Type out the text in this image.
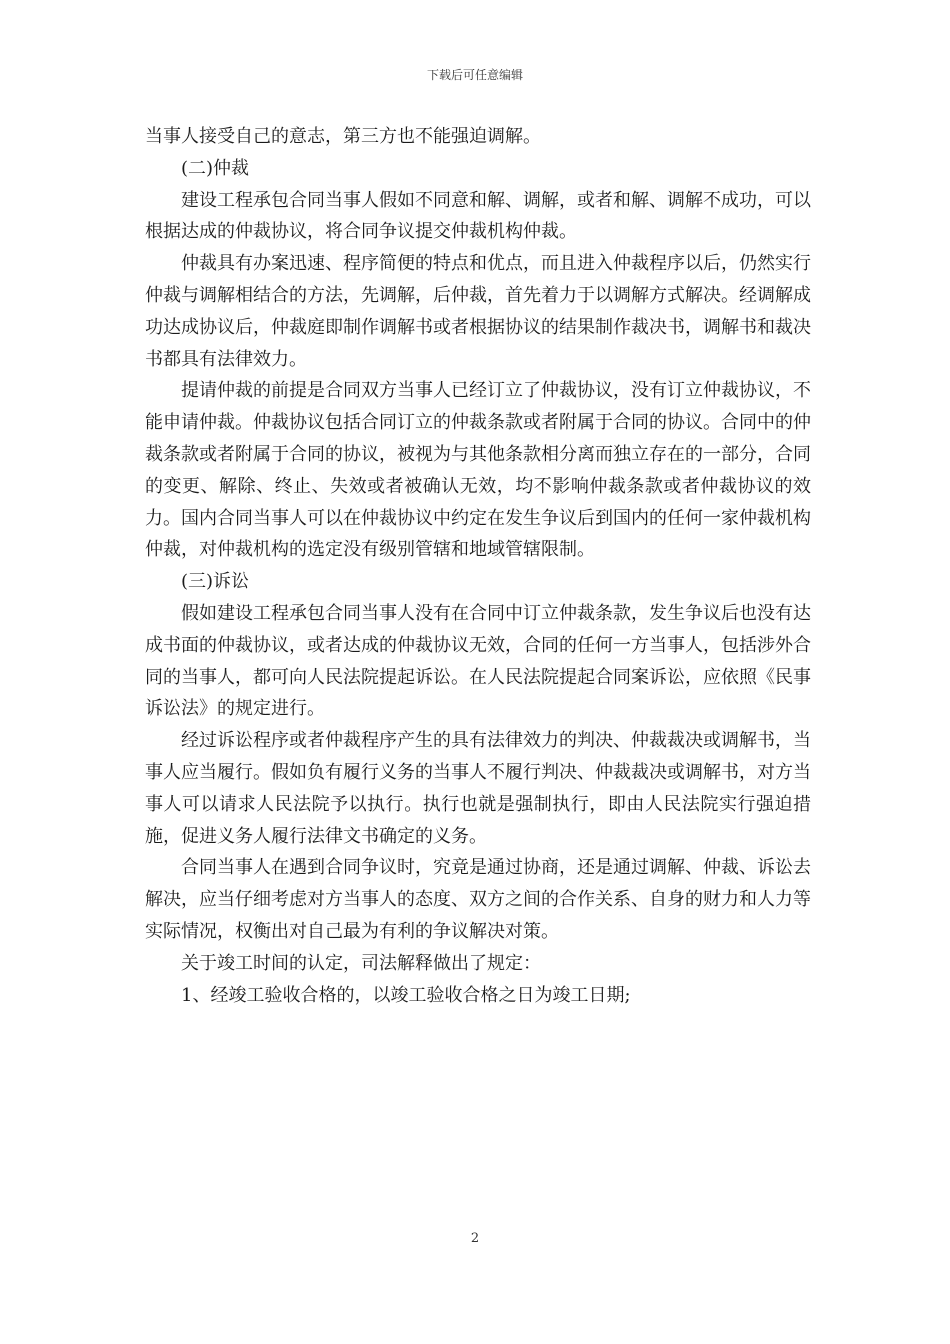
下载后可任意编辑

当事人接受自己的意志，第三方也不能强迫调解。

(二)仲裁

建设工程承包合同当事人假如不同意和解、调解，或者和解、调解不成功，可以根据达成的仲裁协议，将合同争议提交仲裁机构仲裁。

仲裁具有办案迅速、程序简便的特点和优点，而且进入仲裁程序以后，仍然实行仲裁与调解相结合的方法，先调解，后仲裁，首先着力于以调解方式解决。经调解成功达成协议后，仲裁庭即制作调解书或者根据协议的结果制作裁决书，调解书和裁决书都具有法律效力。

提请仲裁的前提是合同双方当事人已经订立了仲裁协议，没有订立仲裁协议，不能申请仲裁。仲裁协议包括合同订立的仲裁条款或者附属于合同的协议。合同中的仲裁条款或者附属于合同的协议，被视为与其他条款相分离而独立存在的一部分，合同的变更、解除、终止、失效或者被确认无效，均不影响仲裁条款或者仲裁协议的效力。国内合同当事人可以在仲裁协议中约定在发生争议后到国内的任何一家仲裁机构仲裁，对仲裁机构的选定没有级别管辖和地域管辖限制。

(三)诉讼

假如建设工程承包合同当事人没有在合同中订立仲裁条款，发生争议后也没有达成书面的仲裁协议，或者达成的仲裁协议无效，合同的任何一方当事人，包括涉外合同的当事人，都可向人民法院提起诉讼。在人民法院提起合同案诉讼，应依照《民事诉讼法》的规定进行。

经过诉讼程序或者仲裁程序产生的具有法律效力的判决、仲裁裁决或调解书，当事人应当履行。假如负有履行义务的当事人不履行判决、仲裁裁决或调解书，对方当事人可以请求人民法院予以执行。执行也就是强制执行，即由人民法院实行强迫措施，促进义务人履行法律文书确定的义务。

合同当事人在遇到合同争议时，究竟是通过协商，还是通过调解、仲裁、诉讼去解决，应当仔细考虑对方当事人的态度、双方之间的合作关系、自身的财力和人力等实际情况，权衡出对自己最为有利的争议解决对策。

关于竣工时间的认定，司法解释做出了规定：

1、经竣工验收合格的，以竣工验收合格之日为竣工日期;

2
